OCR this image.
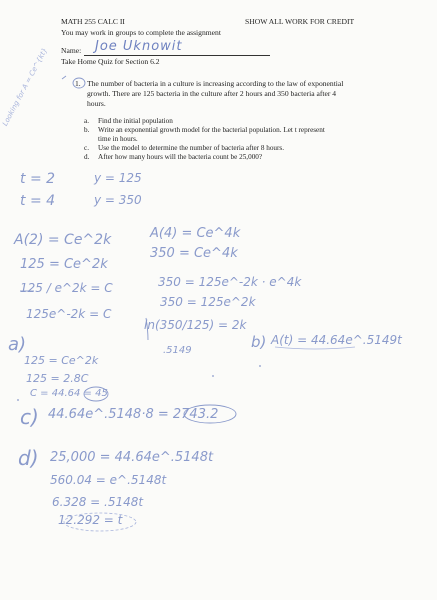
MATH 255 CALC II	SHOW ALL WORK FOR CREDIT
You may work in groups to complete the assignment
Name: Joe Uknowit
Take Home Quiz for Section 6.2
1. The number of bacteria in a culture is increasing according to the law of exponential
growth. There are 125 bacteria in the culture after 2 hours and 350 bacteria after 4
hours.
a. Find the initial population
b. Write an exponential growth model for the bacterial population. Let t represent
time in hours.
c. Use the model to determine the number of bacteria after 8 hours.
d. After how many hours will the bacteria count be 25,000?
Looking for A = Ce^{kt}
t = 2	y = 125
t = 4	y = 350
A(2) = Ce^2k	A(4) = Ce^4k
125 = Ce^2k
350 = Ce^4k
125 / e^2k = C	350 = 125e^-2k · e^4k
350 = 125e^2k
125e^-2k = C
ln(350/125) = 2k
.5149
a)	b) A(t) = 44.64e^.5149t
125 = Ce^2k
125 = 2.8C
C = 44.64 = 45
c) 44.64e^.5148·8 = 2743.2
d) 25,000 = 44.64e^.5148t
560.04 = e^.5148t
6.328 = .5148t
12.292 = t
